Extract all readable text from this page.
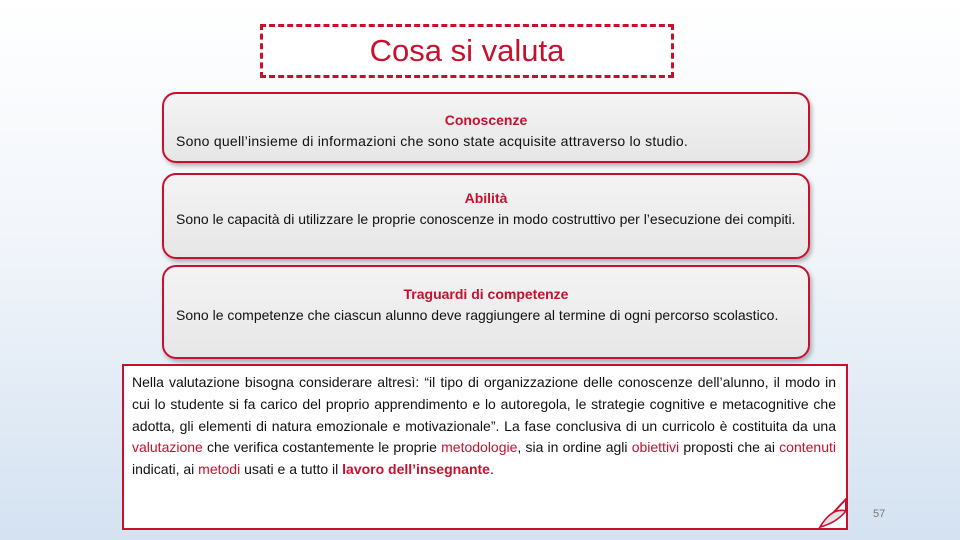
Cosa si valuta
Conoscenze
Sono quell’insieme di informazioni che sono state acquisite attraverso lo studio.
Abilità
Sono le capacità di utilizzare le proprie conoscenze in modo costruttivo per l’esecuzione dei compiti.
Traguardi di competenze
Sono le competenze che ciascun alunno deve raggiungere al termine di ogni percorso scolastico.

Nella valutazione bisogna considerare altresì: “il tipo di organizzazione delle conoscenze dell’alunno, il modo in cui lo studente si fa carico del proprio apprendimento e lo autoregola, le strategie cognitive e metacognitive che adotta, gli elementi di natura emozionale e motivazionale”. La fase conclusiva di un curricolo è costituita da una valutazione che verifica costantemente le proprie metodologie, sia in ordine agli obiettivi proposti che ai contenuti indicati, ai metodi usati e a tutto il lavoro dell’insegnante.

57
